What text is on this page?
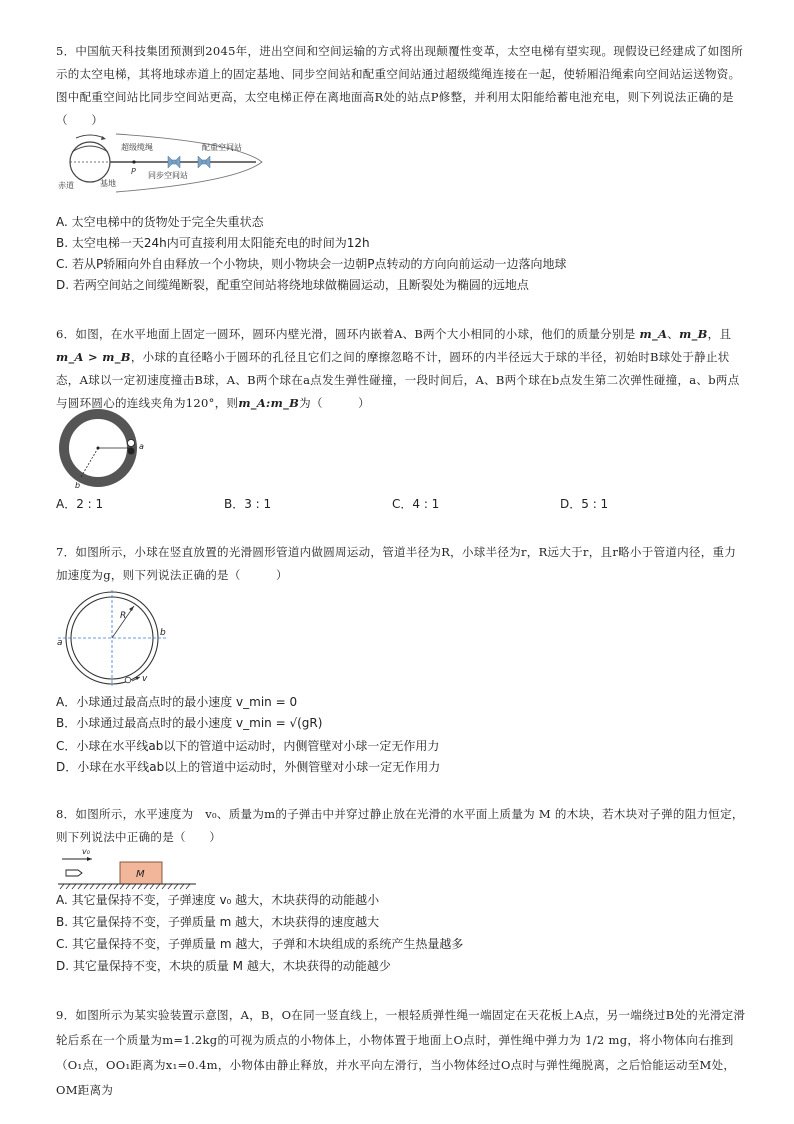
5．中国航天科技集团预测到2045年，进出空间和空间运输的方式将出现颠覆性变革，太空电梯有望实现。现假设已经建成了如图所示的太空电梯，其将地球赤道上的固定基地、同步空间站和配重空间站通过超级缆绳连接在一起，使轿厢沿绳索向空间站运送物资。图中配重空间站比同步空间站更高，太空电梯正停在离地面高R处的站点P修整，并利用太阳能给蓄电池充电，则下列说法正确的是（　　）
超级缆绳	配重空间站
P
赤道	基地
同步空间站
A. 太空电梯中的货物处于完全失重状态
B. 太空电梯一天24h内可直接利用太阳能充电的时间为12h
C. 若从P轿厢向外自由释放一个小物块，则小物块会一边朝P点转动的方向向前运动一边落向地球
D. 若两空间站之间缆绳断裂，配重空间站将绕地球做椭圆运动，且断裂处为椭圆的远地点
6．如图，在水平地面上固定一圆环，圆环内壁光滑，圆环内嵌着A、B两个大小相同的小球，他们的质量分别是 m_A、m_B，且 m_A > m_B，小球的直径略小于圆环的孔径且它们之间的摩擦忽略不计，圆环的内半径远大于球的半径，初始时B球处于静止状态，A球以一定初速度撞击B球，A、B两个球在a点发生弹性碰撞，一段时间后，A、B两个球在b点发生第二次弹性碰撞，a、b两点与圆环圆心的连线夹角为120°，则m_A:m_B为（　　　）
120°
A
B
a
b
A．2 : 1	B．3 : 1	C．4 : 1	D．5 : 1
7．如图所示，小球在竖直放置的光滑圆形管道内做圆周运动，管道半径为R，小球半径为r，R远大于r，且r略小于管道内径，重力加速度为g，则下列说法正确的是（　　　）
R
a
b
v
A．小球通过最高点时的最小速度 v_min = 0
B．小球通过最高点时的最小速度 v_min = √(gR)
C．小球在水平线ab以下的管道中运动时，内侧管壁对小球一定无作用力
D．小球在水平线ab以上的管道中运动时，外侧管壁对小球一定无作用力
8．如图所示，水平速度为　v₀、质量为m的子弹击中并穿过静止放在光滑的水平面上质量为 M 的木块，若木块对子弹的阻力恒定，则下列说法中正确的是（　　）
v₀
M
A. 其它量保持不变，子弹速度 v₀ 越大，木块获得的动能越小
B. 其它量保持不变，子弹质量 m 越大，木块获得的速度越大
C. 其它量保持不变，子弹质量 m 越大，子弹和木块组成的系统产生热量越多
D. 其它量保持不变，木块的质量 M 越大，木块获得的动能越少
9．如图所示为某实验装置示意图，A，B，O在同一竖直线上，一根轻质弹性绳一端固定在天花板上A点，另一端绕过B处的光滑定滑轮后系在一个质量为m=1.2kg的可视为质点的小物体上，小物体置于地面上O点时，弹性绳中弹力为 1/2 mg，将小物体向右推到（O₁点，OO₁距离为x₁=0.4m，小物体由静止释放，并水平向左滑行，当小物体经过O点时与弹性绳脱离，之后恰能运动至M处，OM距离为
